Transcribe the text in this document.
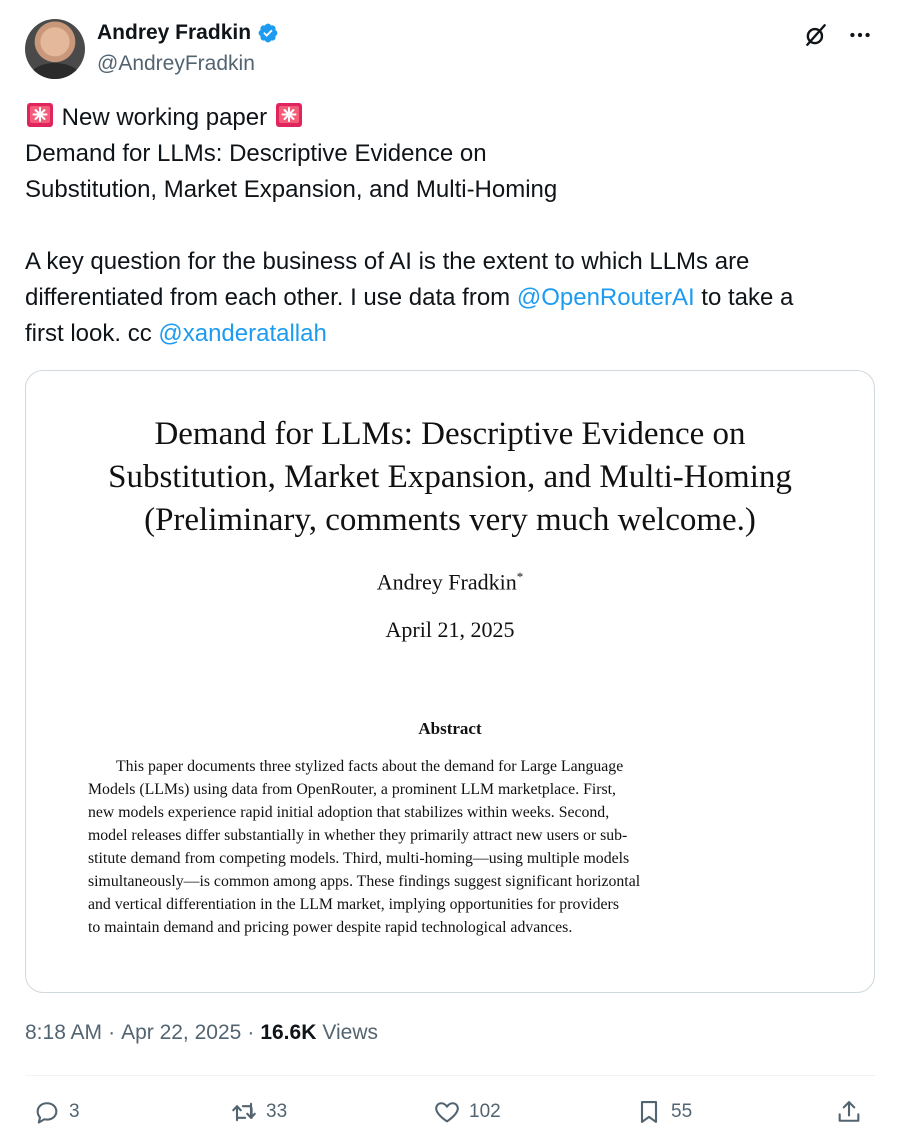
Andrey Fradkin
@AndreyFradkin
New working paper
Demand for LLMs: Descriptive Evidence on
Substitution, Market Expansion, and Multi-Homing
A key question for the business of AI is the extent to which LLMs are
differentiated from each other. I use data from @OpenRouterAI to take a
first look. cc @xanderatallah
Demand for LLMs: Descriptive Evidence on
Substitution, Market Expansion, and Multi-Homing
(Preliminary, comments very much welcome.)
Andrey Fradkin*
April 21, 2025
Abstract
This paper documents three stylized facts about the demand for Large Language
Models (LLMs) using data from OpenRouter, a prominent LLM marketplace. First,
new models experience rapid initial adoption that stabilizes within weeks. Second,
model releases differ substantially in whether they primarily attract new users or sub-
stitute demand from competing models. Third, multi-homing—using multiple models
simultaneously—is common among apps. These findings suggest significant horizontal
and vertical differentiation in the LLM market, implying opportunities for providers
to maintain demand and pricing power despite rapid technological advances.
8:18 AM · Apr 22, 2025 · 16.6K Views
3	33	102	55
